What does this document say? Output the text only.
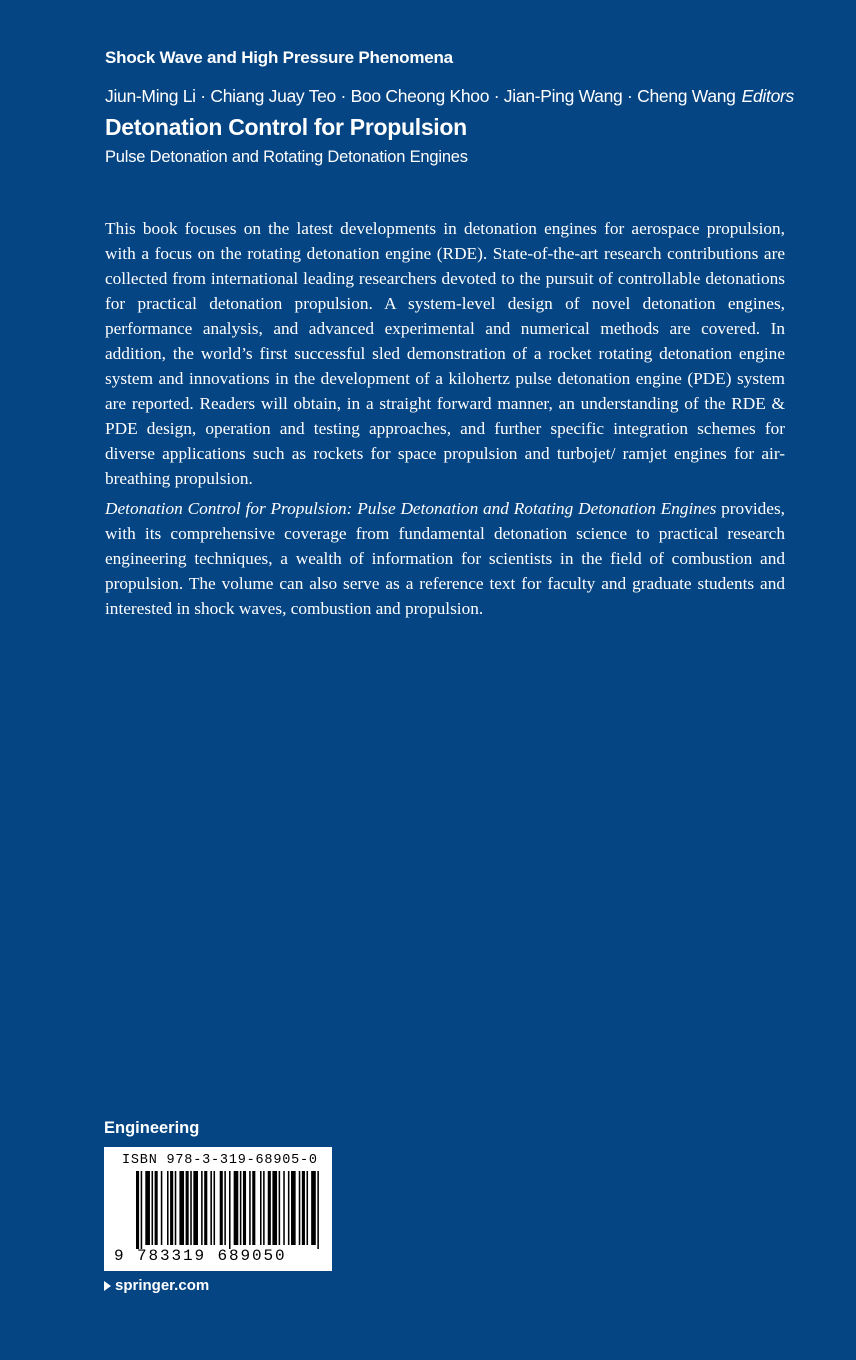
Shock Wave and High Pressure Phenomena
Jiun-Ming Li · Chiang Juay Teo · Boo Cheong Khoo · Jian-Ping Wang · Cheng Wang Editors
Detonation Control for Propulsion
Pulse Detonation and Rotating Detonation Engines

This book focuses on the latest developments in detonation engines for aerospace propulsion, with a focus on the rotating detonation engine (RDE). State-of-the-art research contributions are collected from international leading researchers devoted to the pursuit of controllable detonations for practical detonation propulsion. A system-level design of novel detonation engines, performance analysis, and advanced experimental and numerical methods are covered. In addition, the world’s first successful sled demonstration of a rocket rotating detonation engine system and innovations in the development of a kilohertz pulse detonation engine (PDE) system are reported. Readers will obtain, in a straight forward manner, an understanding of the RDE & PDE design, operation and testing approaches, and further specific integration schemes for diverse applications such as rockets for space propulsion and turbojet/ ramjet engines for air-breathing propulsion.

Detonation Control for Propulsion: Pulse Detonation and Rotating Detonation Engines provides, with its comprehensive coverage from fundamental detonation science to practical research engineering techniques, a wealth of information for scientists in the field of combustion and propulsion. The volume can also serve as a reference text for faculty and graduate students and interested in shock waves, combustion and propulsion.

Engineering
ISBN 978-3-319-68905-0
9 783319 689050
springer.com
